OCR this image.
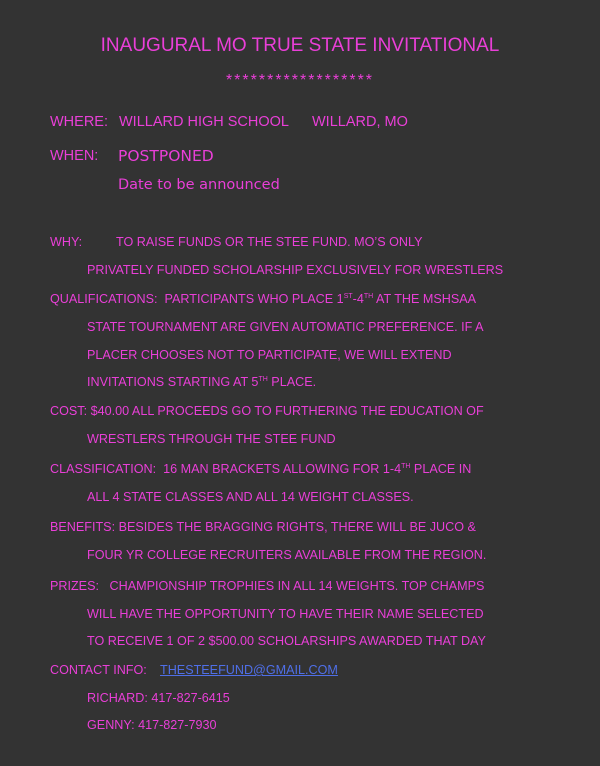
INAUGURAL MO TRUE STATE INVITATIONAL
******************
WHERE: WILLARD HIGH SCHOOL WILLARD, MO
WHEN: POSTPONED
Date to be announced
WHY:	TO RAISE FUNDS OR THE STEE FUND. MO’S ONLY
PRIVATELY FUNDED SCHOLARSHIP EXCLUSIVELY FOR WRESTLERS
QUALIFICATIONS: PARTICIPANTS WHO PLACE 1ST-4TH AT THE MSHSAA
STATE TOURNAMENT ARE GIVEN AUTOMATIC PREFERENCE. IF A
PLACER CHOOSES NOT TO PARTICIPATE, WE WILL EXTEND
INVITATIONS STARTING AT 5TH PLACE.
COST: $40.00 ALL PROCEEDS GO TO FURTHERING THE EDUCATION OF
WRESTLERS THROUGH THE STEE FUND
CLASSIFICATION: 16 MAN BRACKETS ALLOWING FOR 1-4TH PLACE IN
ALL 4 STATE CLASSES AND ALL 14 WEIGHT CLASSES.
BENEFITS: BESIDES THE BRAGGING RIGHTS, THERE WILL BE JUCO &
FOUR YR COLLEGE RECRUITERS AVAILABLE FROM THE REGION.
PRIZES: CHAMPIONSHIP TROPHIES IN ALL 14 WEIGHTS. TOP CHAMPS
WILL HAVE THE OPPORTUNITY TO HAVE THEIR NAME SELECTED
TO RECEIVE 1 OF 2 $500.00 SCHOLARSHIPS AWARDED THAT DAY
CONTACT INFO: THESTEEFUND@GMAIL.COM
RICHARD: 417-827-6415
GENNY: 417-827-7930
